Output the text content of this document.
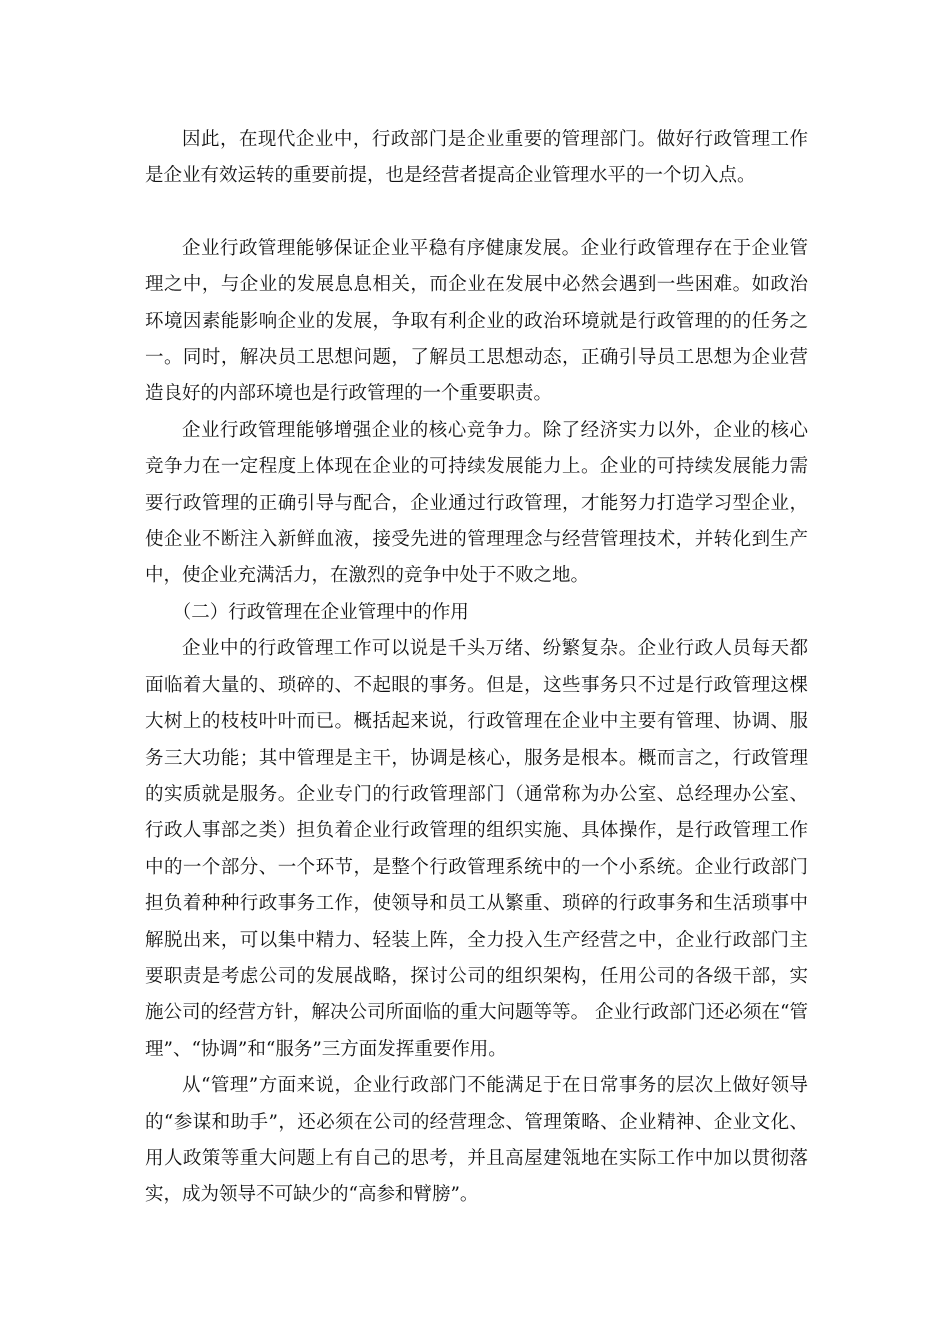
因此，在现代企业中，行政部门是企业重要的管理部门。做好行政管理工作是企业有效运转的重要前提，也是经营者提高企业管理水平的一个切入点。

企业行政管理能够保证企业平稳有序健康发展。企业行政管理存在于企业管理之中，与企业的发展息息相关，而企业在发展中必然会遇到一些困难。如政治环境因素能影响企业的发展，争取有利企业的政治环境就是行政管理的的任务之一。同时，解决员工思想问题，了解员工思想动态，正确引导员工思想为企业营造良好的内部环境也是行政管理的一个重要职责。

企业行政管理能够增强企业的核心竞争力。除了经济实力以外，企业的核心竞争力在一定程度上体现在企业的可持续发展能力上。企业的可持续发展能力需要行政管理的正确引导与配合，企业通过行政管理，才能努力打造学习型企业，使企业不断注入新鲜血液，接受先进的管理理念与经营管理技术，并转化到生产中，使企业充满活力，在激烈的竞争中处于不败之地。

（二）行政管理在企业管理中的作用

企业中的行政管理工作可以说是千头万绪、纷繁复杂。企业行政人员每天都面临着大量的、琐碎的、不起眼的事务。但是，这些事务只不过是行政管理这棵大树上的枝枝叶叶而已。概括起来说，行政管理在企业中主要有管理、协调、服务三大功能；其中管理是主干，协调是核心，服务是根本。概而言之，行政管理的实质就是服务。企业专门的行政管理部门（通常称为办公室、总经理办公室、行政人事部之类）担负着企业行政管理的组织实施、具体操作，是行政管理工作中的一个部分、一个环节，是整个行政管理系统中的一个小系统。企业行政部门担负着种种行政事务工作，使领导和员工从繁重、琐碎的行政事务和生活琐事中解脱出来，可以集中精力、轻装上阵，全力投入生产经营之中，企业行政部门主要职责是考虑公司的发展战略，探讨公司的组织架构，任用公司的各级干部，实施公司的经营方针，解决公司所面临的重大问题等等。 企业行政部门还必须在“管理”、“协调”和“服务”三方面发挥重要作用。

从“管理”方面来说，企业行政部门不能满足于在日常事务的层次上做好领导的“参谋和助手”，还必须在公司的经营理念、管理策略、企业精神、企业文化、用人政策等重大问题上有自己的思考，并且高屋建瓴地在实际工作中加以贯彻落实，成为领导不可缺少的“高参和臂膀”。
